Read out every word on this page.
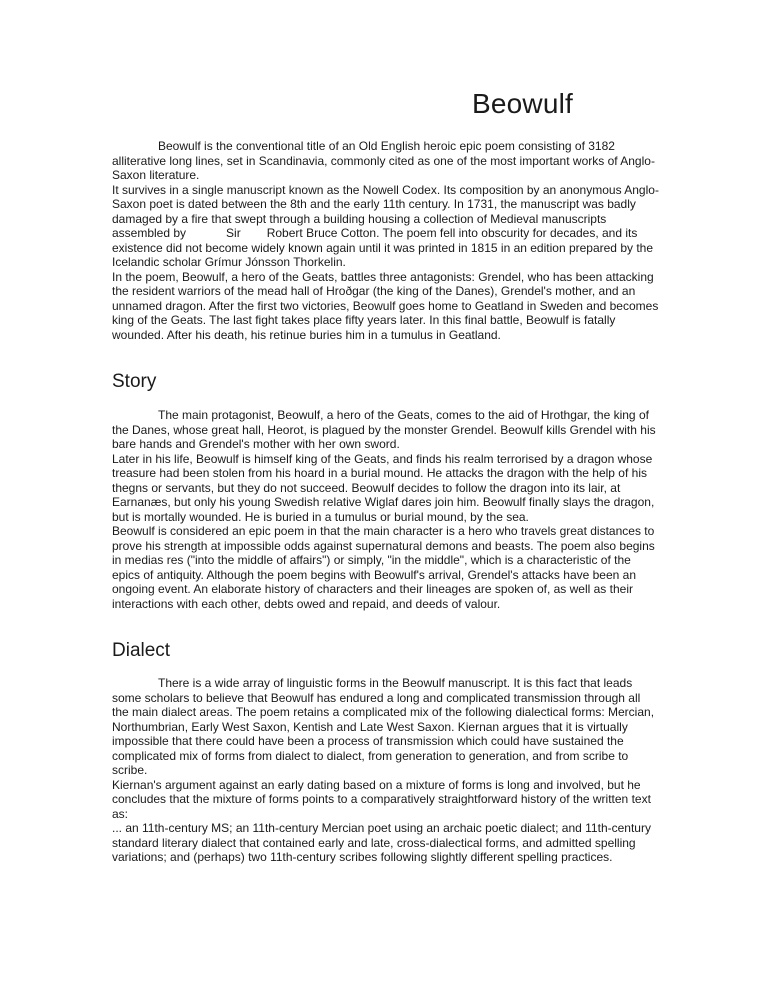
Beowulf

Beowulf is the conventional title of an Old English heroic epic poem consisting of 3182 alliterative long lines, set in Scandinavia, commonly cited as one of the most important works of Anglo-Saxon literature.

It survives in a single manuscript known as the Nowell Codex. Its composition by an anonymous Anglo-Saxon poet is dated between the 8th and the early 11th century. In 1731, the manuscript was badly damaged by a fire that swept through a building housing a collection of Medieval manuscripts assembled by	Sir Robert Bruce Cotton. The poem fell into obscurity for decades, and its existence did not become widely known again until it was printed in 1815 in an edition prepared by the Icelandic scholar Grímur Jónsson Thorkelin.

In the poem, Beowulf, a hero of the Geats, battles three antagonists: Grendel, who has been attacking the resident warriors of the mead hall of Hroðgar (the king of the Danes), Grendel's mother, and an unnamed dragon. After the first two victories, Beowulf goes home to Geatland in Sweden and becomes king of the Geats. The last fight takes place fifty years later. In this final battle, Beowulf is fatally wounded. After his death, his retinue buries him in a tumulus in Geatland.

Story

The main protagonist, Beowulf, a hero of the Geats, comes to the aid of Hrothgar, the king of the Danes, whose great hall, Heorot, is plagued by the monster Grendel. Beowulf kills Grendel with his bare hands and Grendel's mother with her own sword.

Later in his life, Beowulf is himself king of the Geats, and finds his realm terrorised by a dragon whose treasure had been stolen from his hoard in a burial mound. He attacks the dragon with the help of his thegns or servants, but they do not succeed. Beowulf decides to follow the dragon into its lair, at Earnanæs, but only his young Swedish relative Wiglaf dares join him. Beowulf finally slays the dragon, but is mortally wounded. He is buried in a tumulus or burial mound, by the sea.

Beowulf is considered an epic poem in that the main character is a hero who travels great distances to prove his strength at impossible odds against supernatural demons and beasts. The poem also begins in medias res ("into the middle of affairs") or simply, "in the middle", which is a characteristic of the epics of antiquity. Although the poem begins with Beowulf's arrival, Grendel's attacks have been an ongoing event. An elaborate history of characters and their lineages are spoken of, as well as their interactions with each other, debts owed and repaid, and deeds of valour.

Dialect

There is a wide array of linguistic forms in the Beowulf manuscript. It is this fact that leads some scholars to believe that Beowulf has endured a long and complicated transmission through all the main dialect areas. The poem retains a complicated mix of the following dialectical forms: Mercian, Northumbrian, Early West Saxon, Kentish and Late West Saxon. Kiernan argues that it is virtually impossible that there could have been a process of transmission which could have sustained the complicated mix of forms from dialect to dialect, from generation to generation, and from scribe to scribe.

Kiernan's argument against an early dating based on a mixture of forms is long and involved, but he concludes that the mixture of forms points to a comparatively straightforward history of the written text as:

... an 11th-century MS; an 11th-century Mercian poet using an archaic poetic dialect; and 11th-century standard literary dialect that contained early and late, cross-dialectical forms, and admitted spelling variations; and (perhaps) two 11th-century scribes following slightly different spelling practices.
